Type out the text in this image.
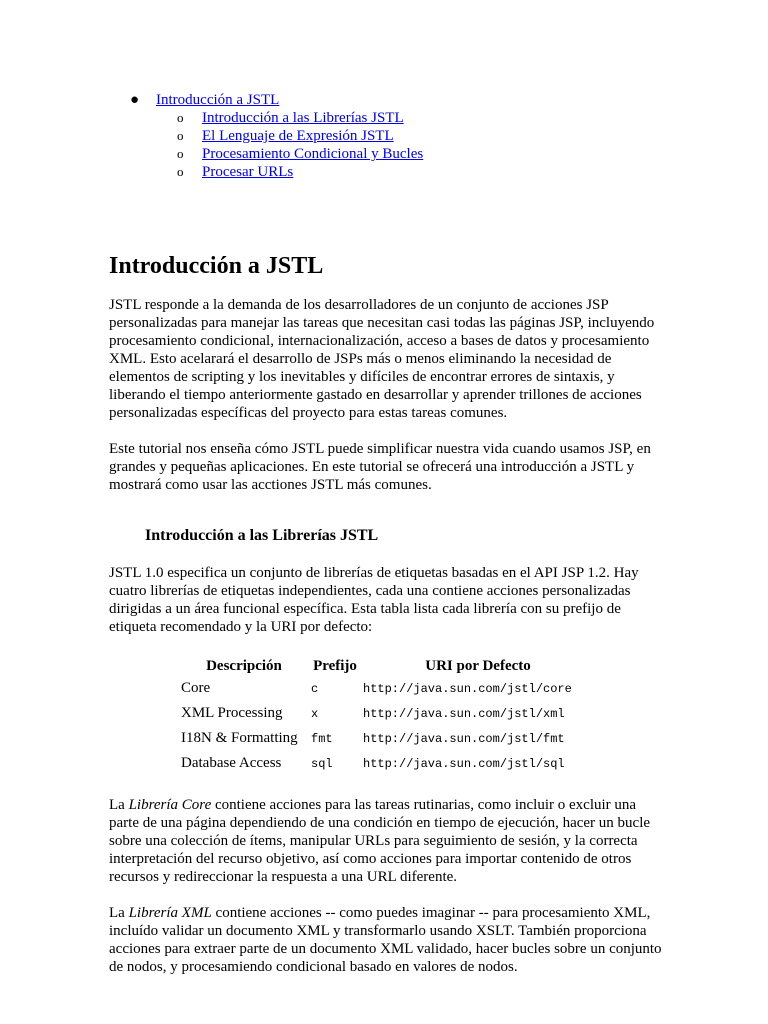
● Introducción a JSTL
o Introducción a las Librerías JSTL
o El Lenguaje de Expresión JSTL
o Procesamiento Condicional y Bucles
o Procesar URLs
Introducción a JSTL

JSTL responde a la demanda de los desarrolladores de un conjunto de acciones JSP personalizadas para manejar las tareas que necesitan casi todas las páginas JSP, incluyendo procesamiento condicional, internacionalización, acceso a bases de datos y procesamiento XML. Esto acelarará el desarrollo de JSPs más o menos eliminando la necesidad de elementos de scripting y los inevitables y difíciles de encontrar errores de sintaxis, y liberando el tiempo anteriormente gastado en desarrollar y aprender trillones de acciones personalizadas específicas del proyecto para estas tareas comunes.

Este tutorial nos enseña cómo JSTL puede simplificar nuestra vida cuando usamos JSP, en grandes y pequeñas aplicaciones. En este tutorial se ofrecerá una introducción a JSTL y mostrará como usar las acctiones JSTL más comunes.

Introducción a las Librerías JSTL

JSTL 1.0 especifica un conjunto de librerías de etiquetas basadas en el API JSP 1.2. Hay cuatro librerías de etiquetas independientes, cada una contiene acciones personalizadas dirigidas a un área funcional específica. Esta tabla lista cada librería con su prefijo de etiqueta recomendado y la URI por defecto:

Descripción	Prefijo	URI por Defecto
Core	c	http://java.sun.com/jstl/core
XML Processing	x	http://java.sun.com/jstl/xml
I18N & Formatting	fmt	http://java.sun.com/jstl/fmt
Database Access	sql	http://java.sun.com/jstl/sql

La Librería Core contiene acciones para las tareas rutinarias, como incluir o excluir una parte de una página dependiendo de una condición en tiempo de ejecución, hacer un bucle sobre una colección de ítems, manipular URLs para seguimiento de sesión, y la correcta interpretación del recurso objetivo, así como acciones para importar contenido de otros recursos y redireccionar la respuesta a una URL diferente.

La Librería XML contiene acciones -- como puedes imaginar -- para procesamiento XML, incluído validar un documento XML y transformarlo usando XSLT. También proporciona acciones para extraer parte de un documento XML validado, hacer bucles sobre un conjunto de nodos, y procesamiendo condicional basado en valores de nodos.
